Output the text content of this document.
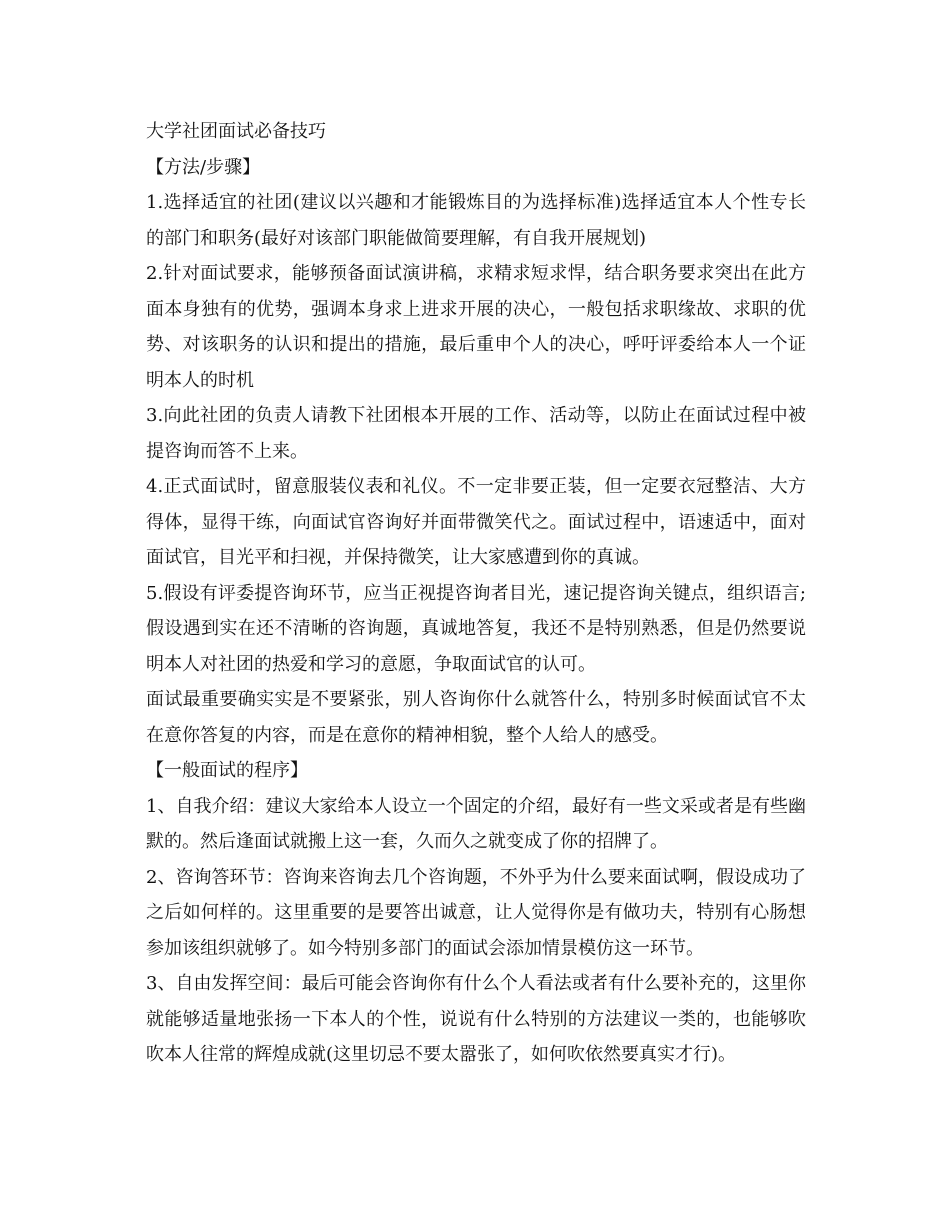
大学社团面试必备技巧

【方法/步骤】

1.选择适宜的社团(建议以兴趣和才能锻炼目的为选择标准)选择适宜本人个性专长的部门和职务(最好对该部门职能做简要理解，有自我开展规划)

2.针对面试要求，能够预备面试演讲稿，求精求短求悍，结合职务要求突出在此方面本身独有的优势，强调本身求上进求开展的决心，一般包括求职缘故、求职的优势、对该职务的认识和提出的措施，最后重申个人的决心，呼吁评委给本人一个证明本人的时机

3.向此社团的负责人请教下社团根本开展的工作、活动等，以防止在面试过程中被提咨询而答不上来。

4.正式面试时，留意服装仪表和礼仪。不一定非要正装，但一定要衣冠整洁、大方得体，显得干练，向面试官咨询好并面带微笑代之。面试过程中，语速适中，面对面试官，目光平和扫视，并保持微笑，让大家感遭到你的真诚。

5.假设有评委提咨询环节，应当正视提咨询者目光，速记提咨询关键点，组织语言;假设遇到实在还不清晰的咨询题，真诚地答复，我还不是特别熟悉，但是仍然要说明本人对社团的热爱和学习的意愿，争取面试官的认可。

面试最重要确实实是不要紧张，别人咨询你什么就答什么，特别多时候面试官不太在意你答复的内容，而是在意你的精神相貌，整个人给人的感受。

【一般面试的程序】

1、自我介绍：建议大家给本人设立一个固定的介绍，最好有一些文采或者是有些幽默的。然后逢面试就搬上这一套，久而久之就变成了你的招牌了。

2、咨询答环节：咨询来咨询去几个咨询题，不外乎为什么要来面试啊，假设成功了之后如何样的。这里重要的是要答出诚意，让人觉得你是有做功夫，特别有心肠想参加该组织就够了。如今特别多部门的面试会添加情景模仿这一环节。

3、自由发挥空间：最后可能会咨询你有什么个人看法或者有什么要补充的，这里你就能够适量地张扬一下本人的个性，说说有什么特别的方法建议一类的，也能够吹吹本人往常的辉煌成就(这里切忌不要太嚣张了，如何吹依然要真实才行)。
